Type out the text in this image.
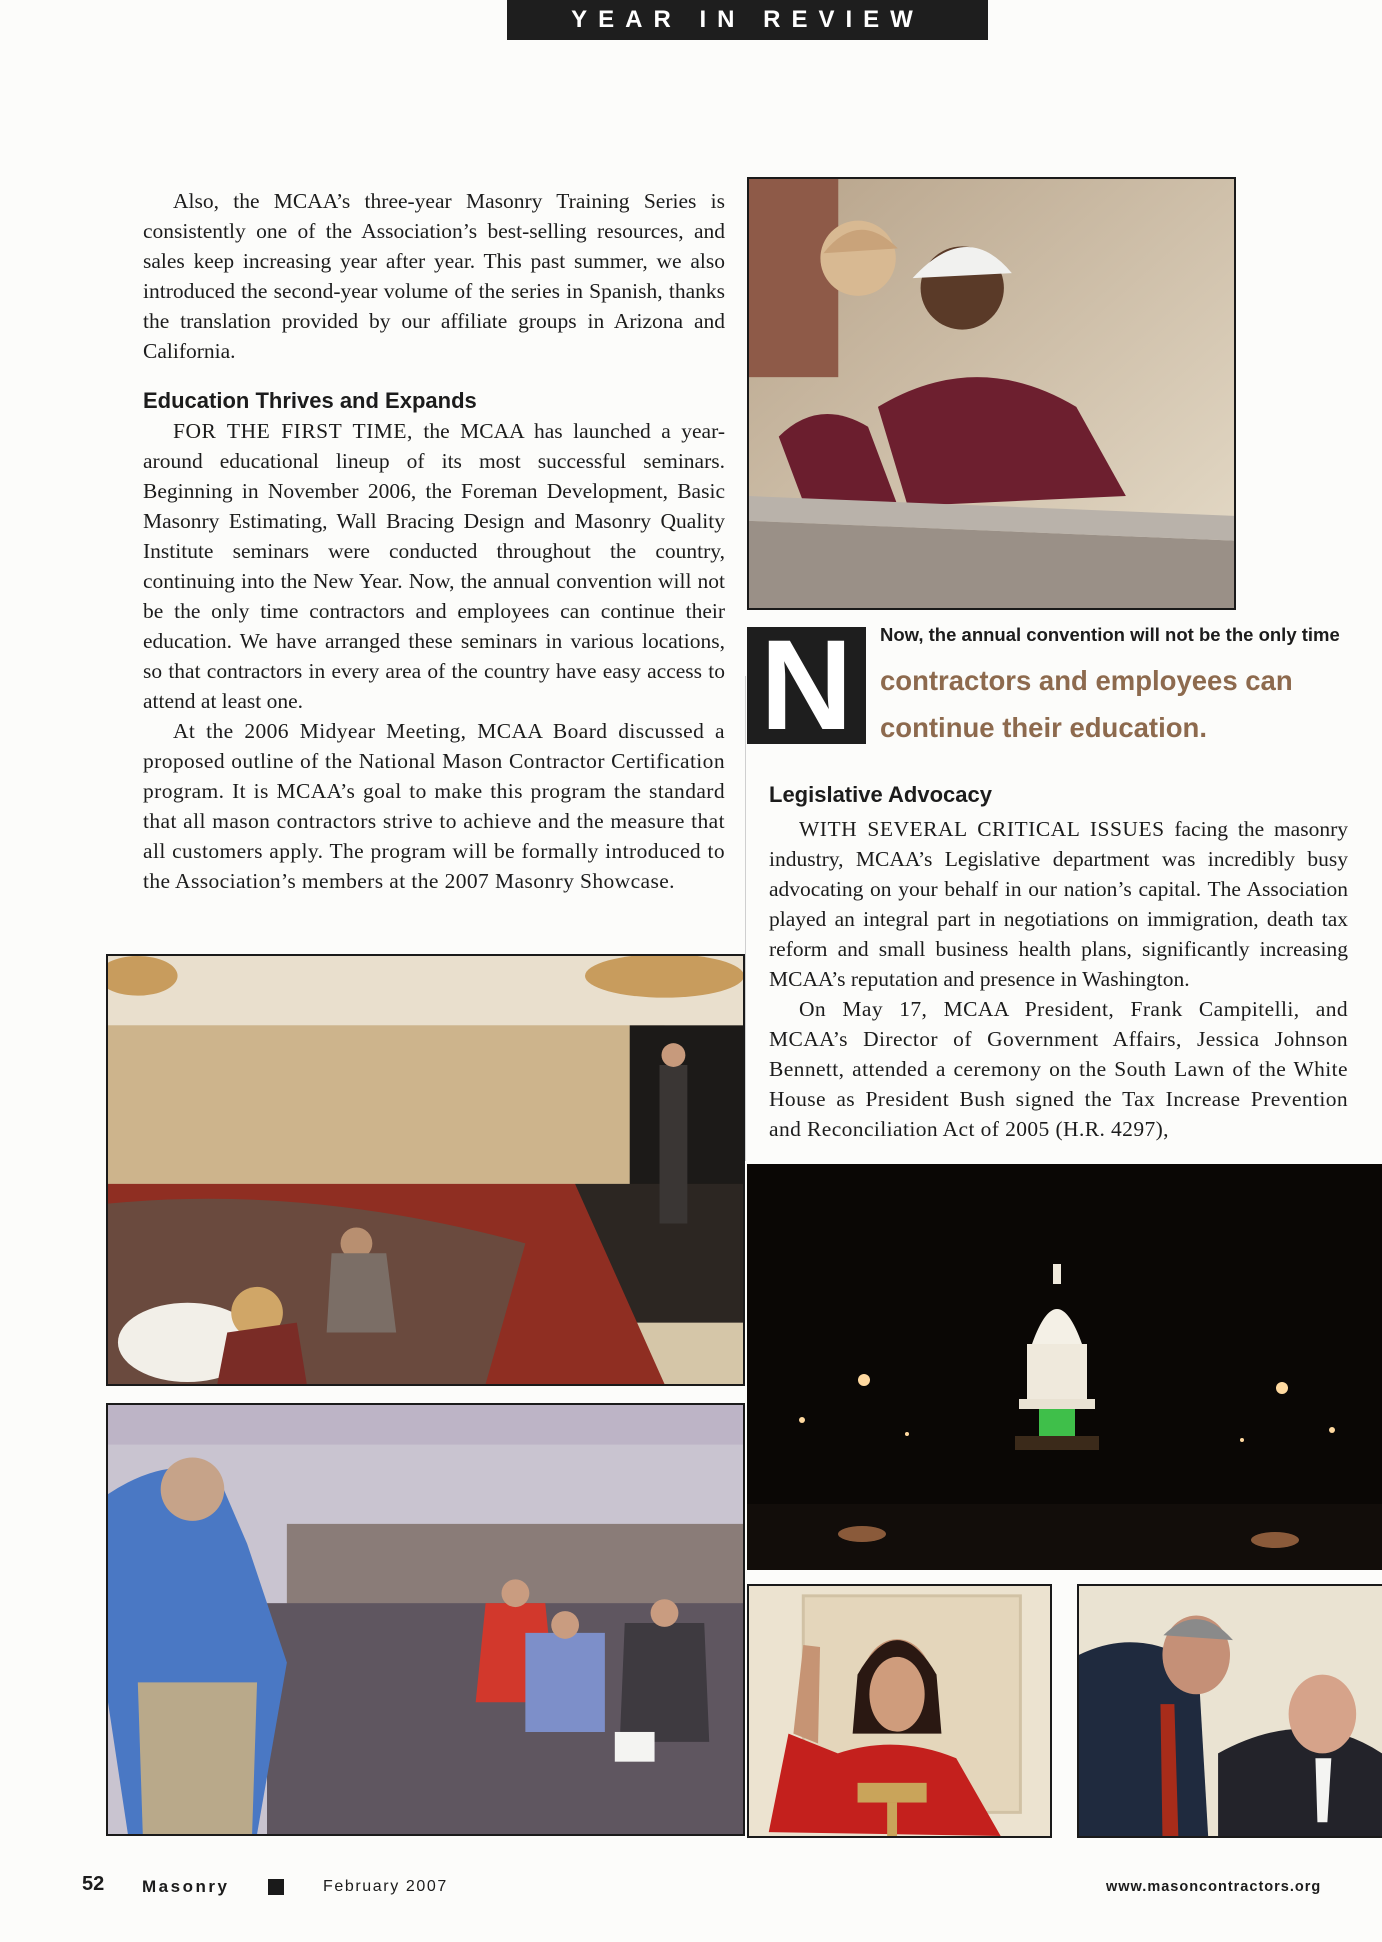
YEAR IN REVIEW

Also, the MCAA’s three-year Masonry Training Series is consistently one of the Association’s best-selling resources, and sales keep increasing year after year. This past summer, we also introduced the second-year volume of the series in Spanish, thanks the translation provided by our affiliate groups in Arizona and California.

Education Thrives and Expands

FOR THE FIRST TIME, the MCAA has launched a year-around educational lineup of its most successful seminars. Beginning in November 2006, the Foreman Development, Basic Masonry Estimating, Wall Bracing Design and Masonry Quality Institute seminars were conducted throughout the country, continuing into the New Year. Now, the annual convention will not be the only time contractors and employees can continue their education. We have arranged these seminars in various locations, so that contractors in every area of the country have easy access to attend at least one.

At the 2006 Midyear Meeting, MCAA Board discussed a proposed outline of the National Mason Contractor Certification program. It is MCAA’s goal to make this program the standard that all mason contractors strive to achieve and the measure that all customers apply. The program will be formally introduced to the Association’s members at the 2007 Masonry Showcase.

N	Now, the annual convention will not be the only time
contractors and employees can continue their education.
Legislative Advocacy

WITH SEVERAL CRITICAL ISSUES facing the masonry industry, MCAA’s Legislative department was incredibly busy advocating on your behalf in our nation’s capital. The Association played an integral part in negotiations on immigration, death tax reform and small business health plans, significantly increasing MCAA’s reputation and presence in Washington.

On May 17, MCAA President, Frank Campitelli, and MCAA’s Director of Government Affairs, Jessica Johnson Bennett, attended a ceremony on the South Lawn of the White House as President Bush signed the Tax Increase Prevention and Reconciliation Act of 2005 (H.R. 4297),

52 Masonry	February 2007	www.masoncontractors.org
